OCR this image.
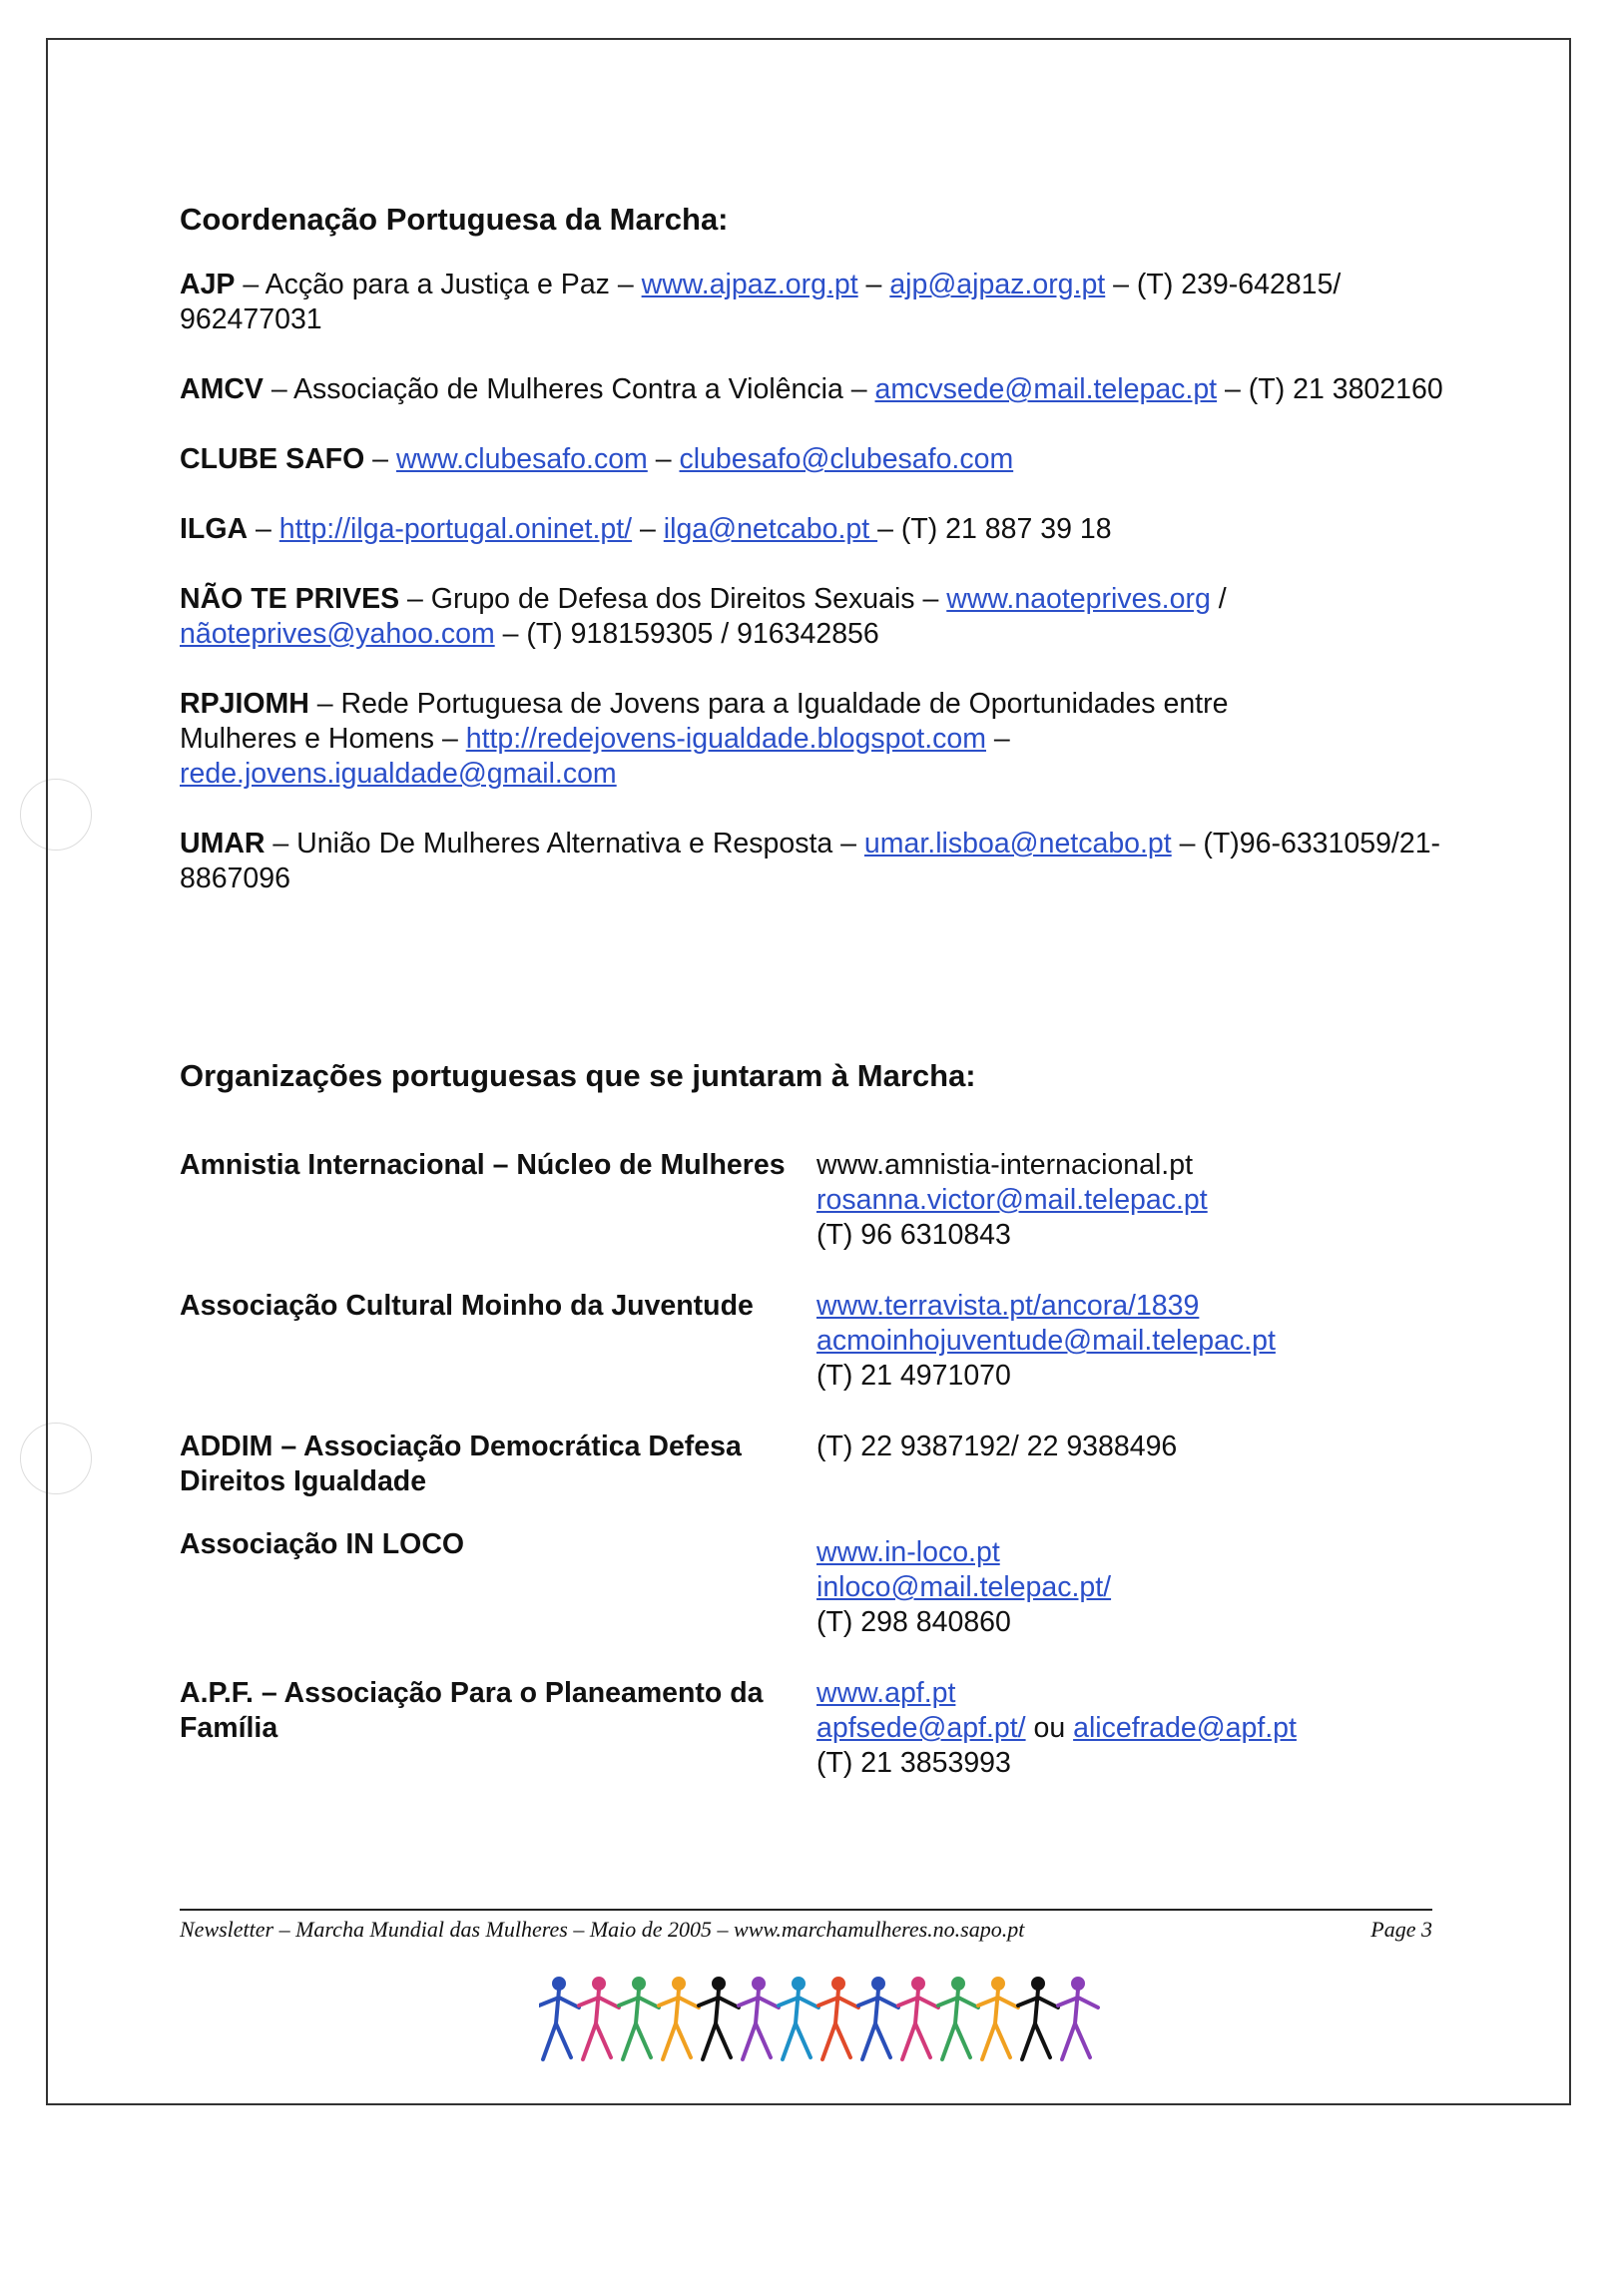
Coordenação Portuguesa da Marcha:

AJP – Acção para a Justiça e Paz – www.ajpaz.org.pt – ajp@ajpaz.org.pt – (T) 239-642815/ 962477031

AMCV – Associação de Mulheres Contra a Violência – amcvsede@mail.telepac.pt – (T) 21 3802160

CLUBE SAFO – www.clubesafo.com – clubesafo@clubesafo.com

ILGA – http://ilga-portugal.oninet.pt/ – ilga@netcabo.pt – (T) 21 887 39 18

NÃO TE PRIVES – Grupo de Defesa dos Direitos Sexuais – www.naoteprives.org / nãoteprives@yahoo.com – (T) 918159305 / 916342856

RPJIOMH – Rede Portuguesa de Jovens para a Igualdade de Oportunidades entre Mulheres e Homens – http://redejovens-igualdade.blogspot.com – rede.jovens.igualdade@gmail.com

UMAR – União De Mulheres Alternativa e Resposta – umar.lisboa@netcabo.pt – (T)96-6331059/21-8867096

Organizações portuguesas que se juntaram à Marcha:

Amnistia Internacional – Núcleo de Mulheres	www.amnistia-internacional.pt
rosanna.victor@mail.telepac.pt
(T) 96 6310843
Associação Cultural Moinho da Juventude	www.terravista.pt/ancora/1839
acmoinhojuventude@mail.telepac.pt
(T) 21 4971070
ADDIM – Associação Democrática Defesa Direitos Igualdade
(T) 22 9387192/ 22 9388496
Associação IN LOCO	www.in-loco.pt
inloco@mail.telepac.pt/
(T) 298 840860
A.P.F. – Associação Para o Planeamento da Família
www.apf.pt
apfsede@apf.pt/ ou alicefrade@apf.pt
(T) 21 3853993
Newsletter – Marcha Mundial das Mulheres – Maio de 2005 – www.marchamulheres.no.sapo.pt	Page 3
